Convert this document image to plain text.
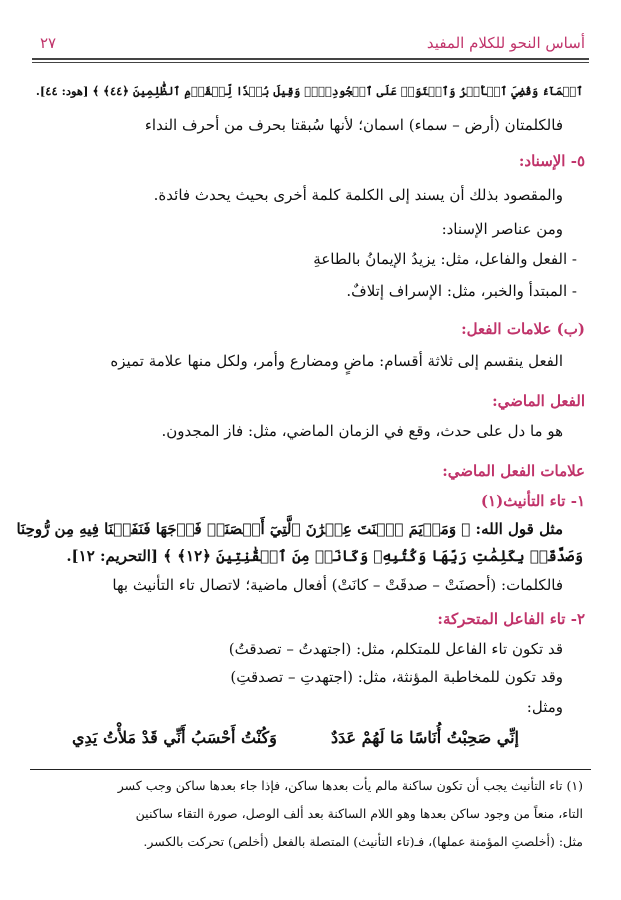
أساس النحو للكلام المفيد
٢٧
ٱلۡمَآءُ وَقُضِيَ ٱلۡأَمۡرُ وَٱسۡتَوَتۡ عَلَى ٱلۡجُودِيِّۖ وَقِيلَ بُعۡدٗا لِّلۡقَوۡمِ ٱلظَّٰلِمِينَ ﴿٤٤﴾ ﴾ [هود: ٤٤].
فالكلمتان (أرض – سماء) اسمان؛ لأنها سُبقتا بحرف من أحرف النداء
٥- الإسناد:
والمقصود بذلك أن يسند إلى الكلمة كلمة أخرى بحيث يحدث فائدة.
ومن عناصر الإسناد:
- الفعل والفاعل، مثل: يزيدُ الإيمانُ بالطاعةِ
- المبتدأ والخبر، مثل: الإسراف إتلافٌ.
(ب) علامات الفعل:
الفعل ينقسم إلى ثلاثة أقسام: ماضٍ ومضارع وأمر، ولكل منها علامة تميزه
الفعل الماضي:
هو ما دل على حدث، وقع في الزمان الماضي، مثل: فاز المجدون.
علامات الفعل الماضي:
١- تاء التأنيث(١)
مثل قول الله: ﴿ وَمَرۡيَمَ ٱبۡنَتَ عِمۡرَٰنَ ٱلَّتِيٓ أَحۡصَنَتۡ فَرۡجَهَا فَنَفَخۡنَا فِيهِ مِن رُّوحِنَا
وَصَدَّقَتۡ بِكَلِمَٰتِ رَبِّهَا وَكُتُبِهِۦ وَكَانَتۡ مِنَ ٱلۡقَٰنِتِينَ ﴿١٢﴾ ﴾ [التحريم: ١٢].
فالكلمات: (أحصنَتْ – صدقَتْ – كانَتْ) أفعال ماضية؛ لاتصال تاء التأنيث بها
٢- تاء الفاعل المتحركة:
قد تكون تاء الفاعل للمتكلم، مثل: (اجتهدتُ – تصدقتُ)
وقد تكون للمخاطبة المؤنثة، مثل: (اجتهدتِ – تصدقتِ)
ومثل:
إنِّي صَحِبْتُ أُنَاسًا مَا لَهُمْ عَدَدٌ
وَكُنْتُ أَحْسَبُ أَنِّي قَدْ مَلأْتُ يَدِي
(١) تاء التأنيث يجب أن تكون ساكنة مالم يأت بعدها ساكن، فإذا جاء بعدها ساكن وجب كسر
التاء، منعاً من وجود ساكن بعدها وهو اللام الساكنة بعد ألف الوصل، صورة التقاء ساكنين
مثل: (أخلصتِ المؤمنة عملها)، فـ(تاء التأنيث) المتصلة بالفعل (أخلص) تحركت بالكسر.
